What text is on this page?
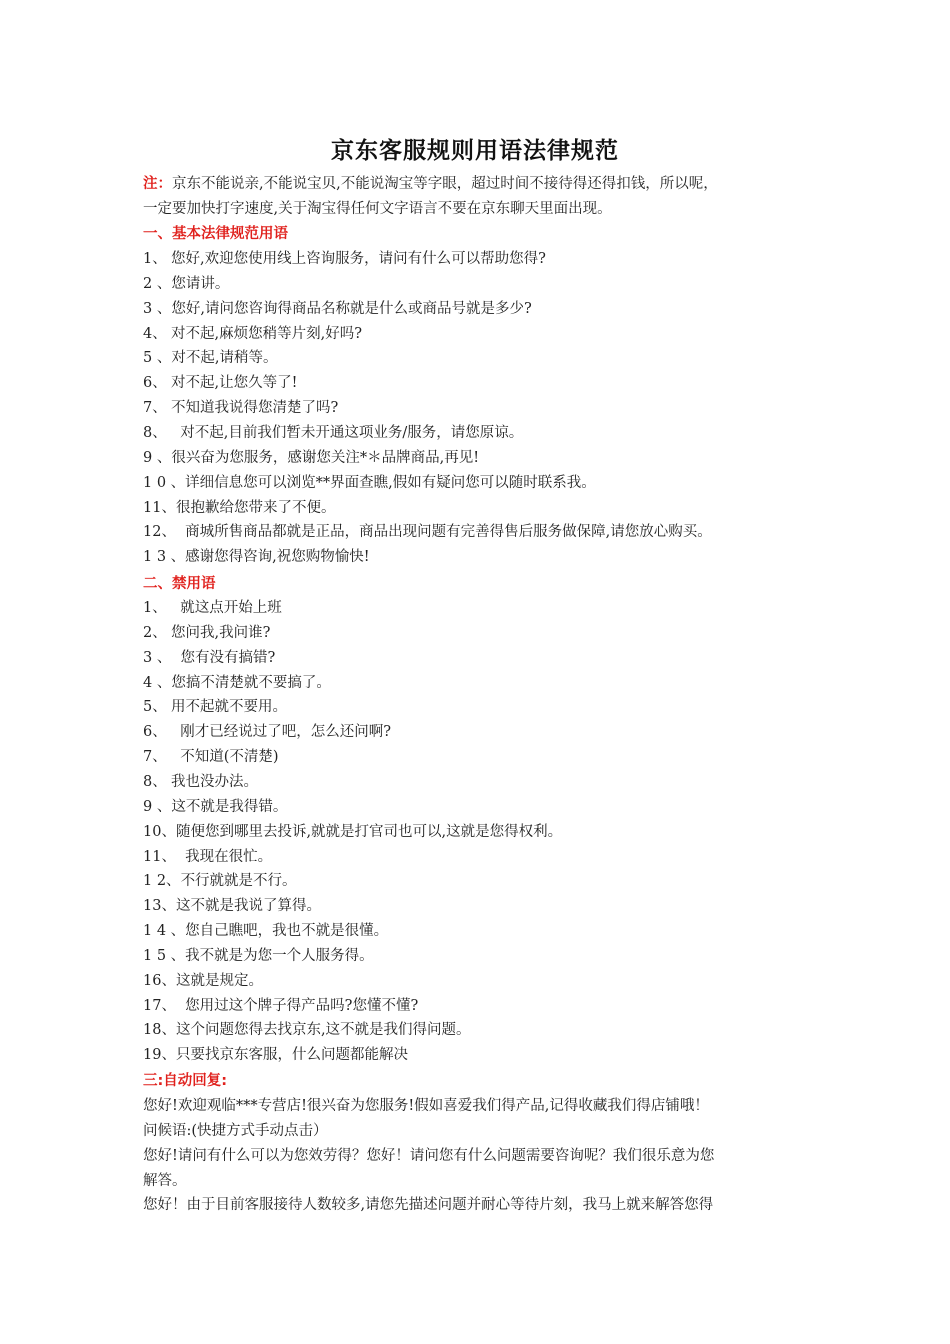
京东客服规则用语法律规范
注：京东不能说亲,不能说宝贝,不能说淘宝等字眼，超过时间不接待得还得扣钱，所以呢，
一定要加快打字速度,关于淘宝得任何文字语言不要在京东聊天里面出现。
一、基本法律规范用语
1、您好,欢迎您使用线上咨询服务，请问有什么可以帮助您得?
2 、您请讲。
3 、您好,请问您咨询得商品名称就是什么或商品号就是多少?
4、对不起,麻烦您稍等片刻,好吗?
5 、对不起,请稍等。
6、对不起,让您久等了!
7、不知道我说得您清楚了吗?
8、  对不起,目前我们暂未开通这项业务/服务，请您原谅。
9 、很兴奋为您服务，感谢您关注*＊品牌商品,再见!
1 0 、详细信息您可以浏览**界面查瞧,假如有疑问您可以随时联系我。
11、很抱歉给您带来了不便。
12、  商城所售商品都就是正品，商品出现问题有完善得售后服务做保障,请您放心购买。
1 3 、感谢您得咨询,祝您购物愉快!
二、禁用语
1、  就这点开始上班
2、您问我,我问谁?
3 、  您有没有搞错?
4 、您搞不清楚就不要搞了。
5、用不起就不要用。
6、  刚才已经说过了吧，怎么还问啊?
7、  不知道(不清楚)
8、我也没办法。
9 、这不就是我得错。
10、随便您到哪里去投诉,就就是打官司也可以,这就是您得权利。
11、  我现在很忙。
1 2、不行就就是不行。
13、这不就是我说了算得。
1 4 、您自己瞧吧，我也不就是很懂。
1 5 、我不就是为您一个人服务得。
16、这就是规定。
17、  您用过这个牌子得产品吗?您懂不懂?
18、这个问题您得去找京东,这不就是我们得问题。
19、只要找京东客服，什么问题都能解决
三:自动回复:
您好!欢迎观临***专营店!很兴奋为您服务!假如喜爱我们得产品,记得收藏我们得店铺哦！
问候语:(快捷方式手动点击）
您好!请问有什么可以为您效劳得？您好！请问您有什么问题需要咨询呢？我们很乐意为您
解答。
您好！由于目前客服接待人数较多,请您先描述问题并耐心等待片刻，我马上就来解答您得
